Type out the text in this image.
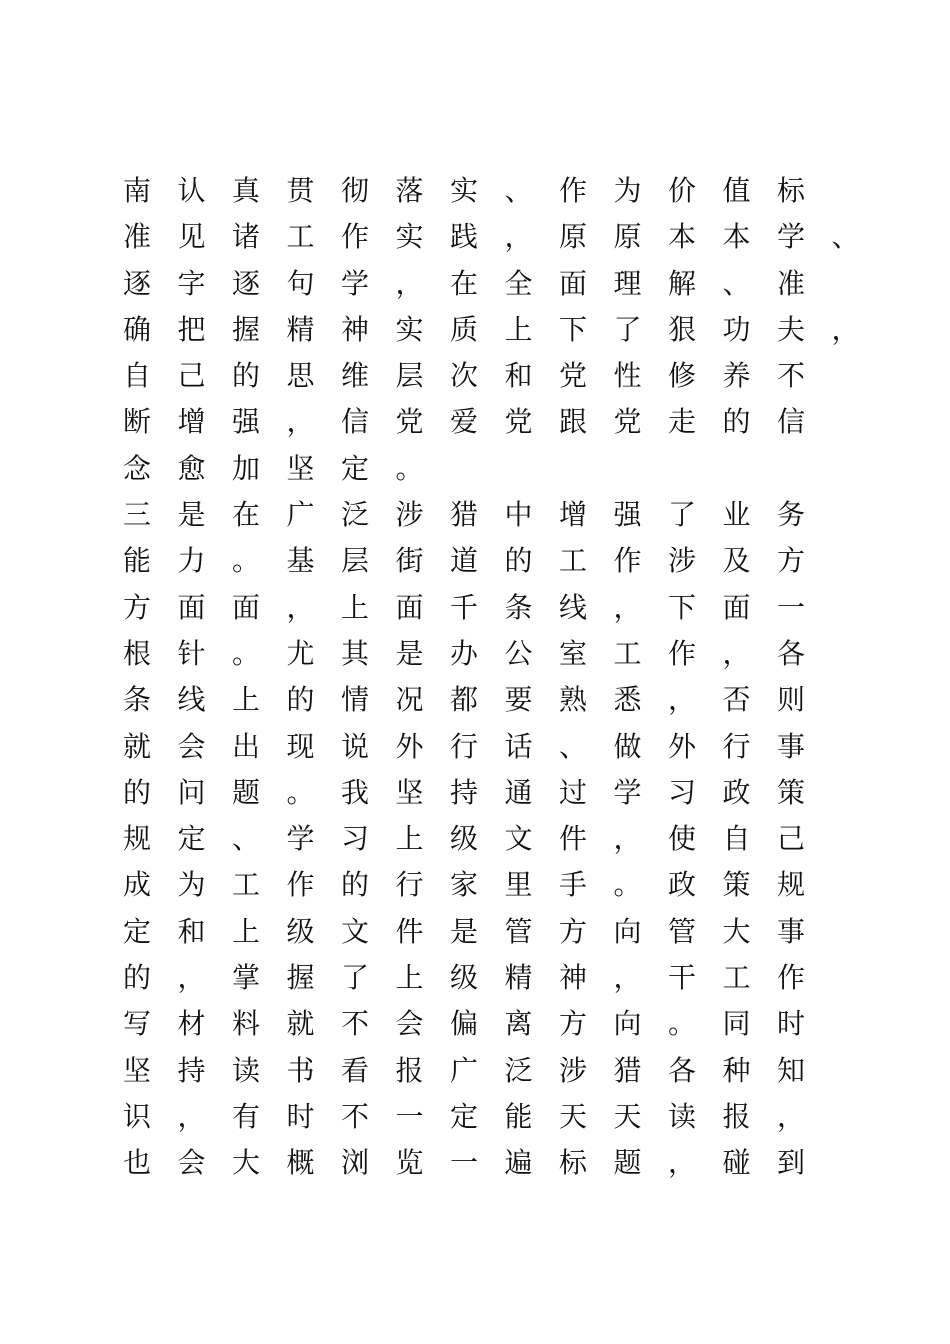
南 认 真 贯 彻 落 实 、 作 为 价 值 标
准 见 诸 工 作 实 践 ， 原 原 本 本 学 、
逐 字 逐 句 学 ， 在 全 面 理 解 、 准
确 把 握 精 神 实 质 上 下 了 狠 功 夫 ，
自 己 的 思 维 层 次 和 党 性 修 养 不
断 增 强 ， 信 党 爱 党 跟 党 走 的 信
念 愈 加 坚 定 。
三 是 在 广 泛 涉 猎 中 增 强 了 业 务
能 力 。 基 层 街 道 的 工 作 涉 及 方
方 面 面 ， 上 面 千 条 线 ， 下 面 一
根 针 。 尤 其 是 办 公 室 工 作 ， 各
条 线 上 的 情 况 都 要 熟 悉 ， 否 则
就 会 出 现 说 外 行 话 、 做 外 行 事
的 问 题 。 我 坚 持 通 过 学 习 政 策
规 定 、 学 习 上 级 文 件 ， 使 自 己
成 为 工 作 的 行 家 里 手 。 政 策 规
定 和 上 级 文 件 是 管 方 向 管 大 事
的 ， 掌 握 了 上 级 精 神 ， 干 工 作
写 材 料 就 不 会 偏 离 方 向 。 同 时
坚 持 读 书 看 报 广 泛 涉 猎 各 种 知
识 ， 有 时 不 一 定 能 天 天 读 报 ，
也 会 大 概 浏 览 一 遍 标 题 ， 碰 到
